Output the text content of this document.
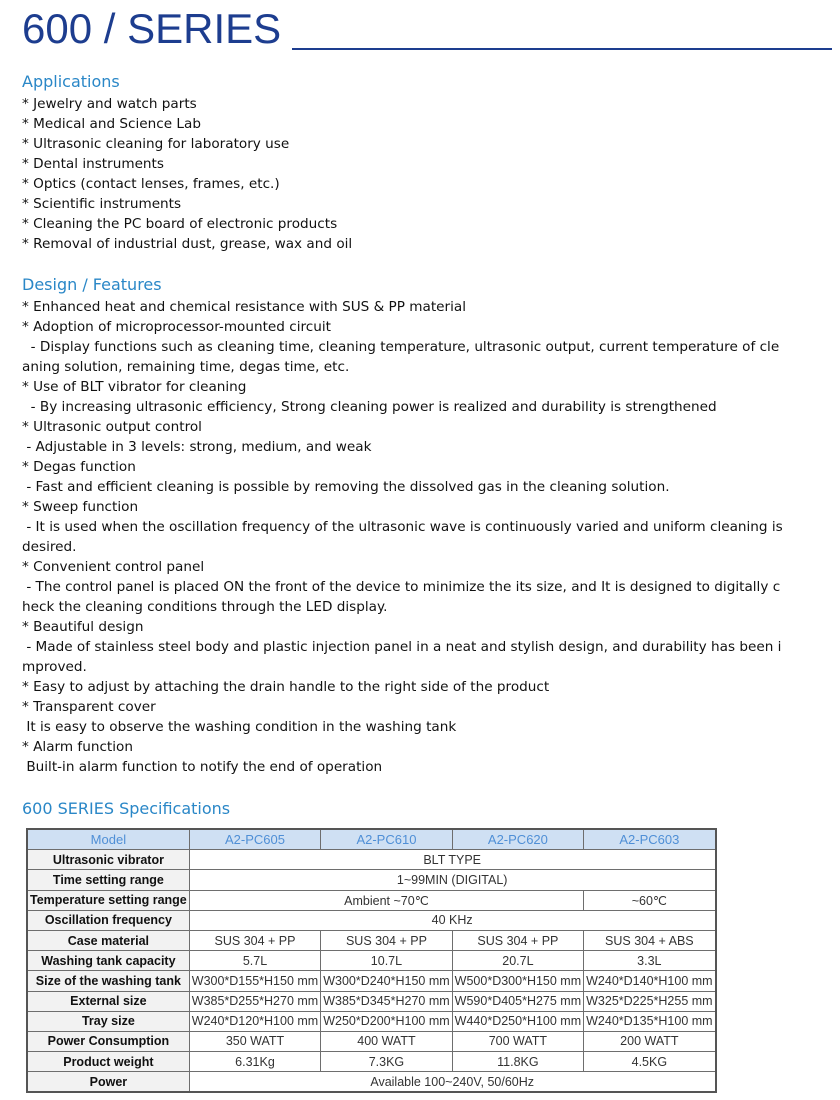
600 / SERIES
Applications
* Jewelry and watch parts
* Medical and Science Lab
* Ultrasonic cleaning for laboratory use
* Dental instruments
* Optics (contact lenses, frames, etc.)
* Scientific instruments
* Cleaning the PC board of electronic products
* Removal of industrial dust, grease, wax and oil
Design / Features
* Enhanced heat and chemical resistance with SUS & PP material
* Adoption of microprocessor-mounted circuit
- Display functions such as cleaning time, cleaning temperature, ultrasonic output, current temperature of cle
aning solution, remaining time, degas time, etc.
* Use of BLT vibrator for cleaning
- By increasing ultrasonic efficiency, Strong cleaning power is realized and durability is strengthened
* Ultrasonic output control
- Adjustable in 3 levels: strong, medium, and weak
* Degas function
- Fast and efficient cleaning is possible by removing the dissolved gas in the cleaning solution.
* Sweep function
- It is used when the oscillation frequency of the ultrasonic wave is continuously varied and uniform cleaning is
desired.
* Convenient control panel
- The control panel is placed ON the front of the device to minimize the its size, and It is designed to digitally c
heck the cleaning conditions through the LED display.
* Beautiful design
- Made of stainless steel body and plastic injection panel in a neat and stylish design, and durability has been i
mproved.
* Easy to adjust by attaching the drain handle to the right side of the product
* Transparent cover
It is easy to observe the washing condition in the washing tank
* Alarm function
Built-in alarm function to notify the end of operation
600 SERIES Specifications
Model	A2-PC605	A2-PC610	A2-PC620	A2-PC603
Ultrasonic vibrator	BLT TYPE			
Time setting range	1~99MIN (DIGITAL)			
Temperature setting range	Ambient ~70℃			~60℃
Oscillation frequency	40 KHz			
Case material	SUS 304 + PP	SUS 304 + PP	SUS 304 + PP	SUS 304 + ABS
Washing tank capacity	5.7L	10.7L	20.7L	3.3L
Size of the washing tank	W300*D155*H150 mm	W300*D240*H150 mm	W500*D300*H150 mm	W240*D140*H100 mm
External size	W385*D255*H270 mm	W385*D345*H270 mm	W590*D405*H275 mm	W325*D225*H255 mm
Tray size	W240*D120*H100 mm	W250*D200*H100 mm	W440*D250*H100 mm	W240*D135*H100 mm
Power Consumption	350 WATT	400 WATT	700 WATT	200 WATT
Product weight	6.31Kg	7.3KG	11.8KG	4.5KG
Power	Available 100~240V, 50/60Hz			
